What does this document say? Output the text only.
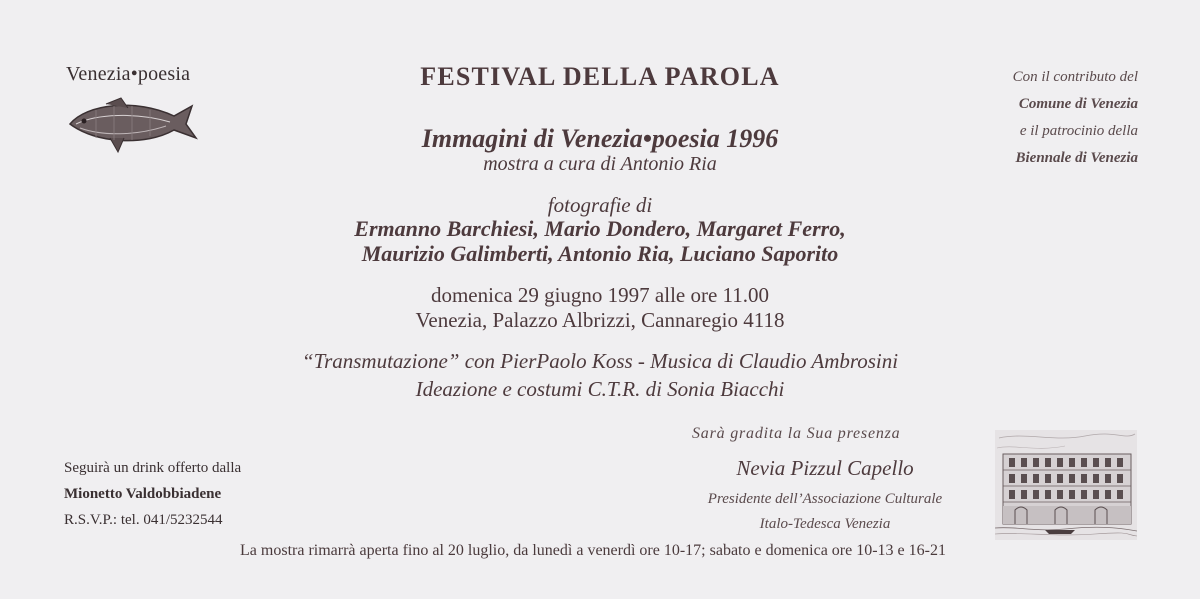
Venezia•poesia	Con il contributo del
Comune di Venezia
e il patrocinio della
Biennale di Venezia
FESTIVAL DELLA PAROLA
Immagini di Venezia•poesia 1996
mostra a cura di Antonio Ria
fotografie di
Ermanno Barchiesi, Mario Dondero, Margaret Ferro,
Maurizio Galimberti, Antonio Ria, Luciano Saporito
domenica 29 giugno 1997 alle ore 11.00
Venezia, Palazzo Albrizzi, Cannaregio 4118
“Transmutazione” con PierPaolo Koss - Musica di Claudio Ambrosini
Ideazione e costumi C.T.R. di Sonia Biacchi
Sarà gradita la Sua presenza
Nevia Pizzul Capello
Presidente dell’Associazione Culturale
Italo-Tedesca Venezia
Seguirà un drink offerto dalla
Mionetto Valdobbiadene
R.S.V.P.: tel. 041/5232544
La mostra rimarrà aperta fino al 20 luglio, da lunedì a venerdì ore 10-17; sabato e domenica ore 10-13 e 16-21
